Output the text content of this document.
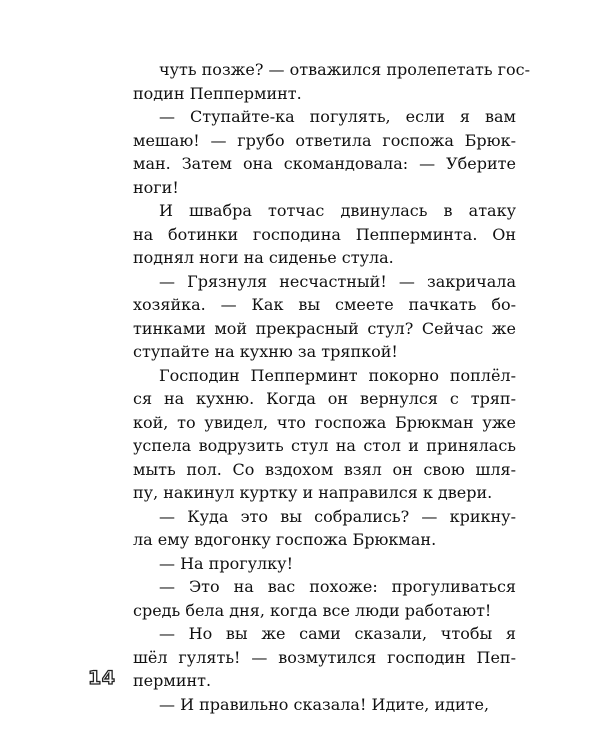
чуть позже? — отважился пролепетать гос-
подин Пепперминт.
— Ступайте-ка погулять, если я вам
мешаю! — грубо ответила госпожа Брюк-
ман. Затем она скомандовала: — Уберите
ноги!
И швабра тотчас двинулась в атаку
на ботинки господина Пепперминта. Он
поднял ноги на сиденье стула.
— Грязнуля несчастный! — закричала
хозяйка. — Как вы смеете пачкать бо-
тинками мой прекрасный стул? Сейчас же
ступайте на кухню за тряпкой!
Господин Пепперминт покорно поплёл-
ся на кухню. Когда он вернулся с тряп-
кой, то увидел, что госпожа Брюкман уже
успела водрузить стул на стол и принялась
мыть пол. Со вздохом взял он свою шля-
пу, накинул куртку и направился к двери.
— Куда это вы собрались? — крикну-
ла ему вдогонку госпожа Брюкман.
— На прогулку!
— Это на вас похоже: прогуливаться
средь бела дня, когда все люди работают!
— Но вы же сами сказали, чтобы я
шёл гулять! — возмутился господин Пеп-
перминт.
— И правильно сказала! Идите, идите,
14
